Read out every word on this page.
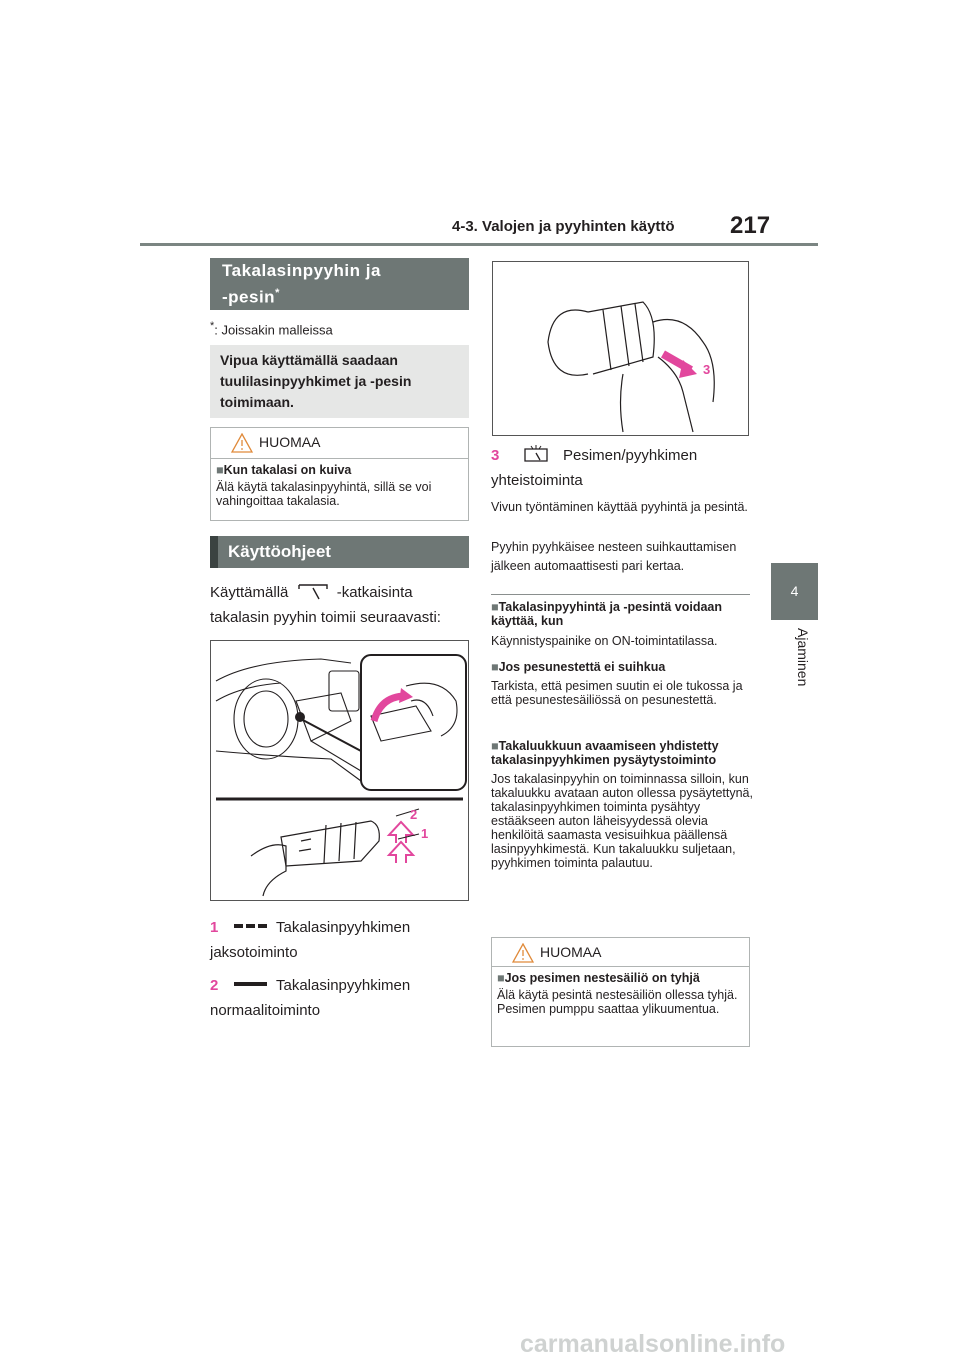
4-3. Valojen ja pyyhinten käyttö 217
4
Ajaminen
Takalasinpyyhin ja
-pesin*
*: Joissakin malleissa
Vipua käyttämällä saadaan tuulilasinpyyhkimet ja -pesin toimimaan.
HUOMAA
■Kun takalasi on kuiva
Älä käytä takalasinpyyhintä, sillä se voi vahingoittaa takalasia.
Käyttöohjeet
Käyttämällä	-katkaisinta takalasin pyyhin toimii seuraavasti:
2
1
1	Takalasinpyyhkimen jaksotoiminto
2	Takalasinpyyhkimen normaalitoiminto
3
3	Pesimen/pyyhkimen yhteistoiminta
Vivun työntäminen käyttää pyyhintä ja pesintä.
Pyyhin pyyhkäisee nesteen suihkauttamisen jälkeen automaattisesti pari kertaa.
■Takalasinpyyhintä ja -pesintä voidaan käyttää, kun
Käynnistyspainike on ON-toimintatilassa.
■Jos pesunestettä ei suihkua
Tarkista, että pesimen suutin ei ole tukossa ja että pesunestesäiliössä on pesunestettä.
■Takaluukkuun avaamiseen yhdistetty takalasinpyyhkimen pysäytystoiminto
Jos takalasinpyyhin on toiminnassa silloin, kun takaluukku avataan auton ollessa pysäytettynä, takalasinpyyhkimen toiminta pysähtyy estääkseen auton läheisyydessä olevia henkilöitä saamasta vesisuihkua päällensä lasinpyyhkimestä. Kun takaluukku suljetaan, pyyhkimen toiminta palautuu.
HUOMAA
■Jos pesimen nestesäiliö on tyhjä
Älä käytä pesintä nestesäiliön ollessa tyhjä. Pesimen pumppu saattaa ylikuumentua.
carmanualsonline.info
